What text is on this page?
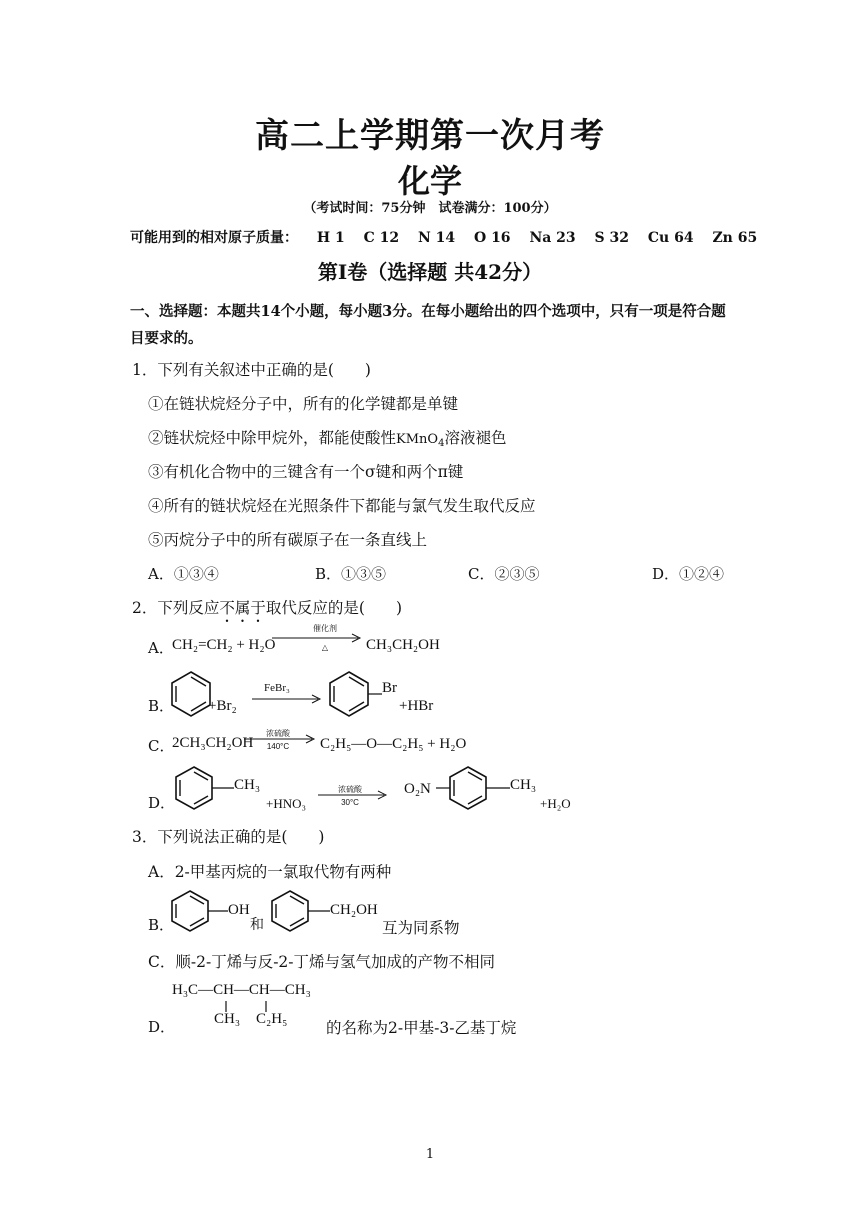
高二上学期第一次月考
化学
（考试时间：75分钟　试卷满分：100分）
可能用到的相对原子质量： H 1 C 12 N 14 O 16 Na 23 S 32 Cu 64 Zn 65
第Ⅰ卷（选择题 共42分）
一、选择题：本题共14个小题，每小题3分。在每小题给出的四个选项中，只有一项是符合题目要求的。
1．下列有关叙述中正确的是(　　)
①在链状烷烃分子中，所有的化学键都是单键
②链状烷烃中除甲烷外，都能使酸性KMnO$_4$溶液褪色
③有机化合物中的三键含有一个σ键和两个π键
④所有的链状烷烃在光照条件下都能与氯气发生取代反应
⑤丙烷分子中的所有碳原子在一条直线上
A．①③④	B．①③⑤	C．②③⑤	D．①②④
2．下列反应不属于取代反应的是(　　)
A．
CH₂=CH₂ + H₂O
催化剂
△	CH₃CH₂OH
B． +Br₂
FeBr₃	Br
+HBr
C．
2CH₃CH₂OH
浓硫酸
140°C	C₂H₅—O—C₂H₅ + H₂O
D．
CH₃
+HNO₃
浓硫酸
30°C
O₂N	CH₃
+H₂O
3．下列说法正确的是(　　)
A．2-甲基丙烷的一氯取代物有两种
B．
OH
和
CH₂OH
互为同系物
C．顺-2-丁烯与反-2-丁烯与氢气加成的产物不相同
D．
H₃C—CH—CH—CH₃
CH₃ C₂H₅ 的名称为2-甲基-3-乙基丁烷
1
